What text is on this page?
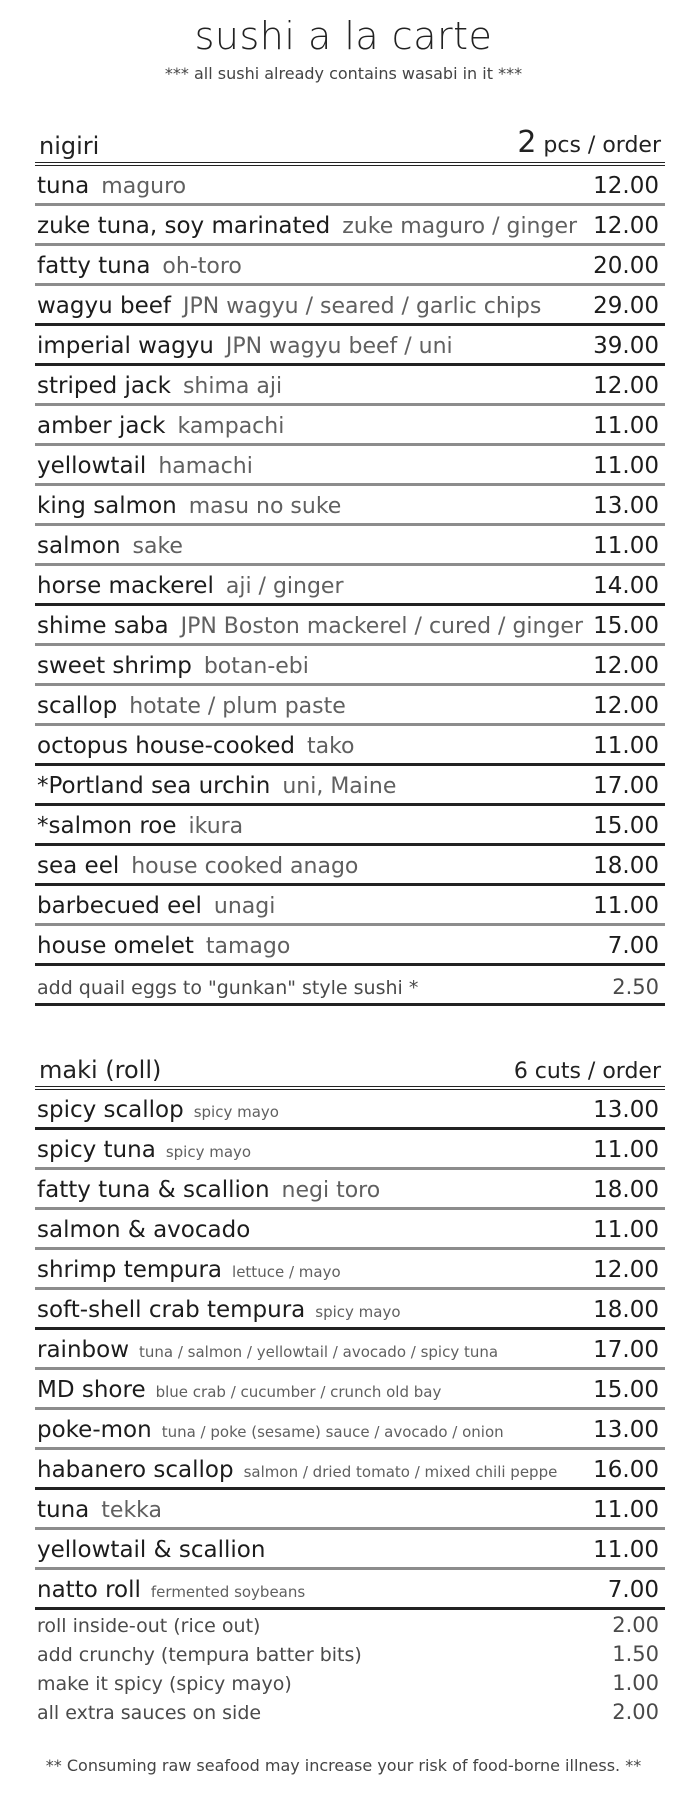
sushi a la carte
*** all sushi already contains wasabi in it ***
nigiri	2 pcs / order
tuna maguro	12.00
zuke tuna, soy marinated zuke maguro / ginger 12.00
fatty tuna oh-toro	20.00
wagyu beef JPN wagyu / seared / garlic chips 29.00
imperial wagyu JPN wagyu beef / uni	39.00
striped jack shima aji	12.00
amber jack kampachi	11.00
yellowtail hamachi	11.00
king salmon masu no suke	13.00
salmon sake	11.00
horse mackerel aji / ginger	14.00
shime saba JPN Boston mackerel / cured / ginger 15.00
sweet shrimp botan-ebi	12.00
scallop hotate / plum paste	12.00
octopus house-cooked tako	11.00
*Portland sea urchin uni, Maine	17.00
*salmon roe ikura	15.00
sea eel house cooked anago	18.00
barbecued eel unagi	11.00
house omelet tamago	7.00
add quail eggs to "gunkan" style sushi *	2.50
maki (roll)	6 cuts / order
spicy scallop spicy mayo	13.00
spicy tuna spicy mayo	11.00
fatty tuna & scallion negi toro	18.00
salmon & avocado	11.00
shrimp tempura lettuce / mayo	12.00
soft-shell crab tempura spicy mayo	18.00
rainbow tuna / salmon / yellowtail / avocado / spicy tuna	17.00
MD shore blue crab / cucumber / crunch old bay	15.00
poke-mon tuna / poke (sesame) sauce / avocado / onion	13.00
habanero scallop salmon / dried tomato / mixed chili peppe 16.00
tuna tekka	11.00
yellowtail & scallion	11.00
natto roll fermented soybeans	7.00
roll inside-out (rice out)	2.00
add crunchy (tempura batter bits)	1.50
make it spicy (spicy mayo)	1.00
all extra sauces on side	2.00
** Consuming raw seafood may increase your risk of food-borne illness. **
